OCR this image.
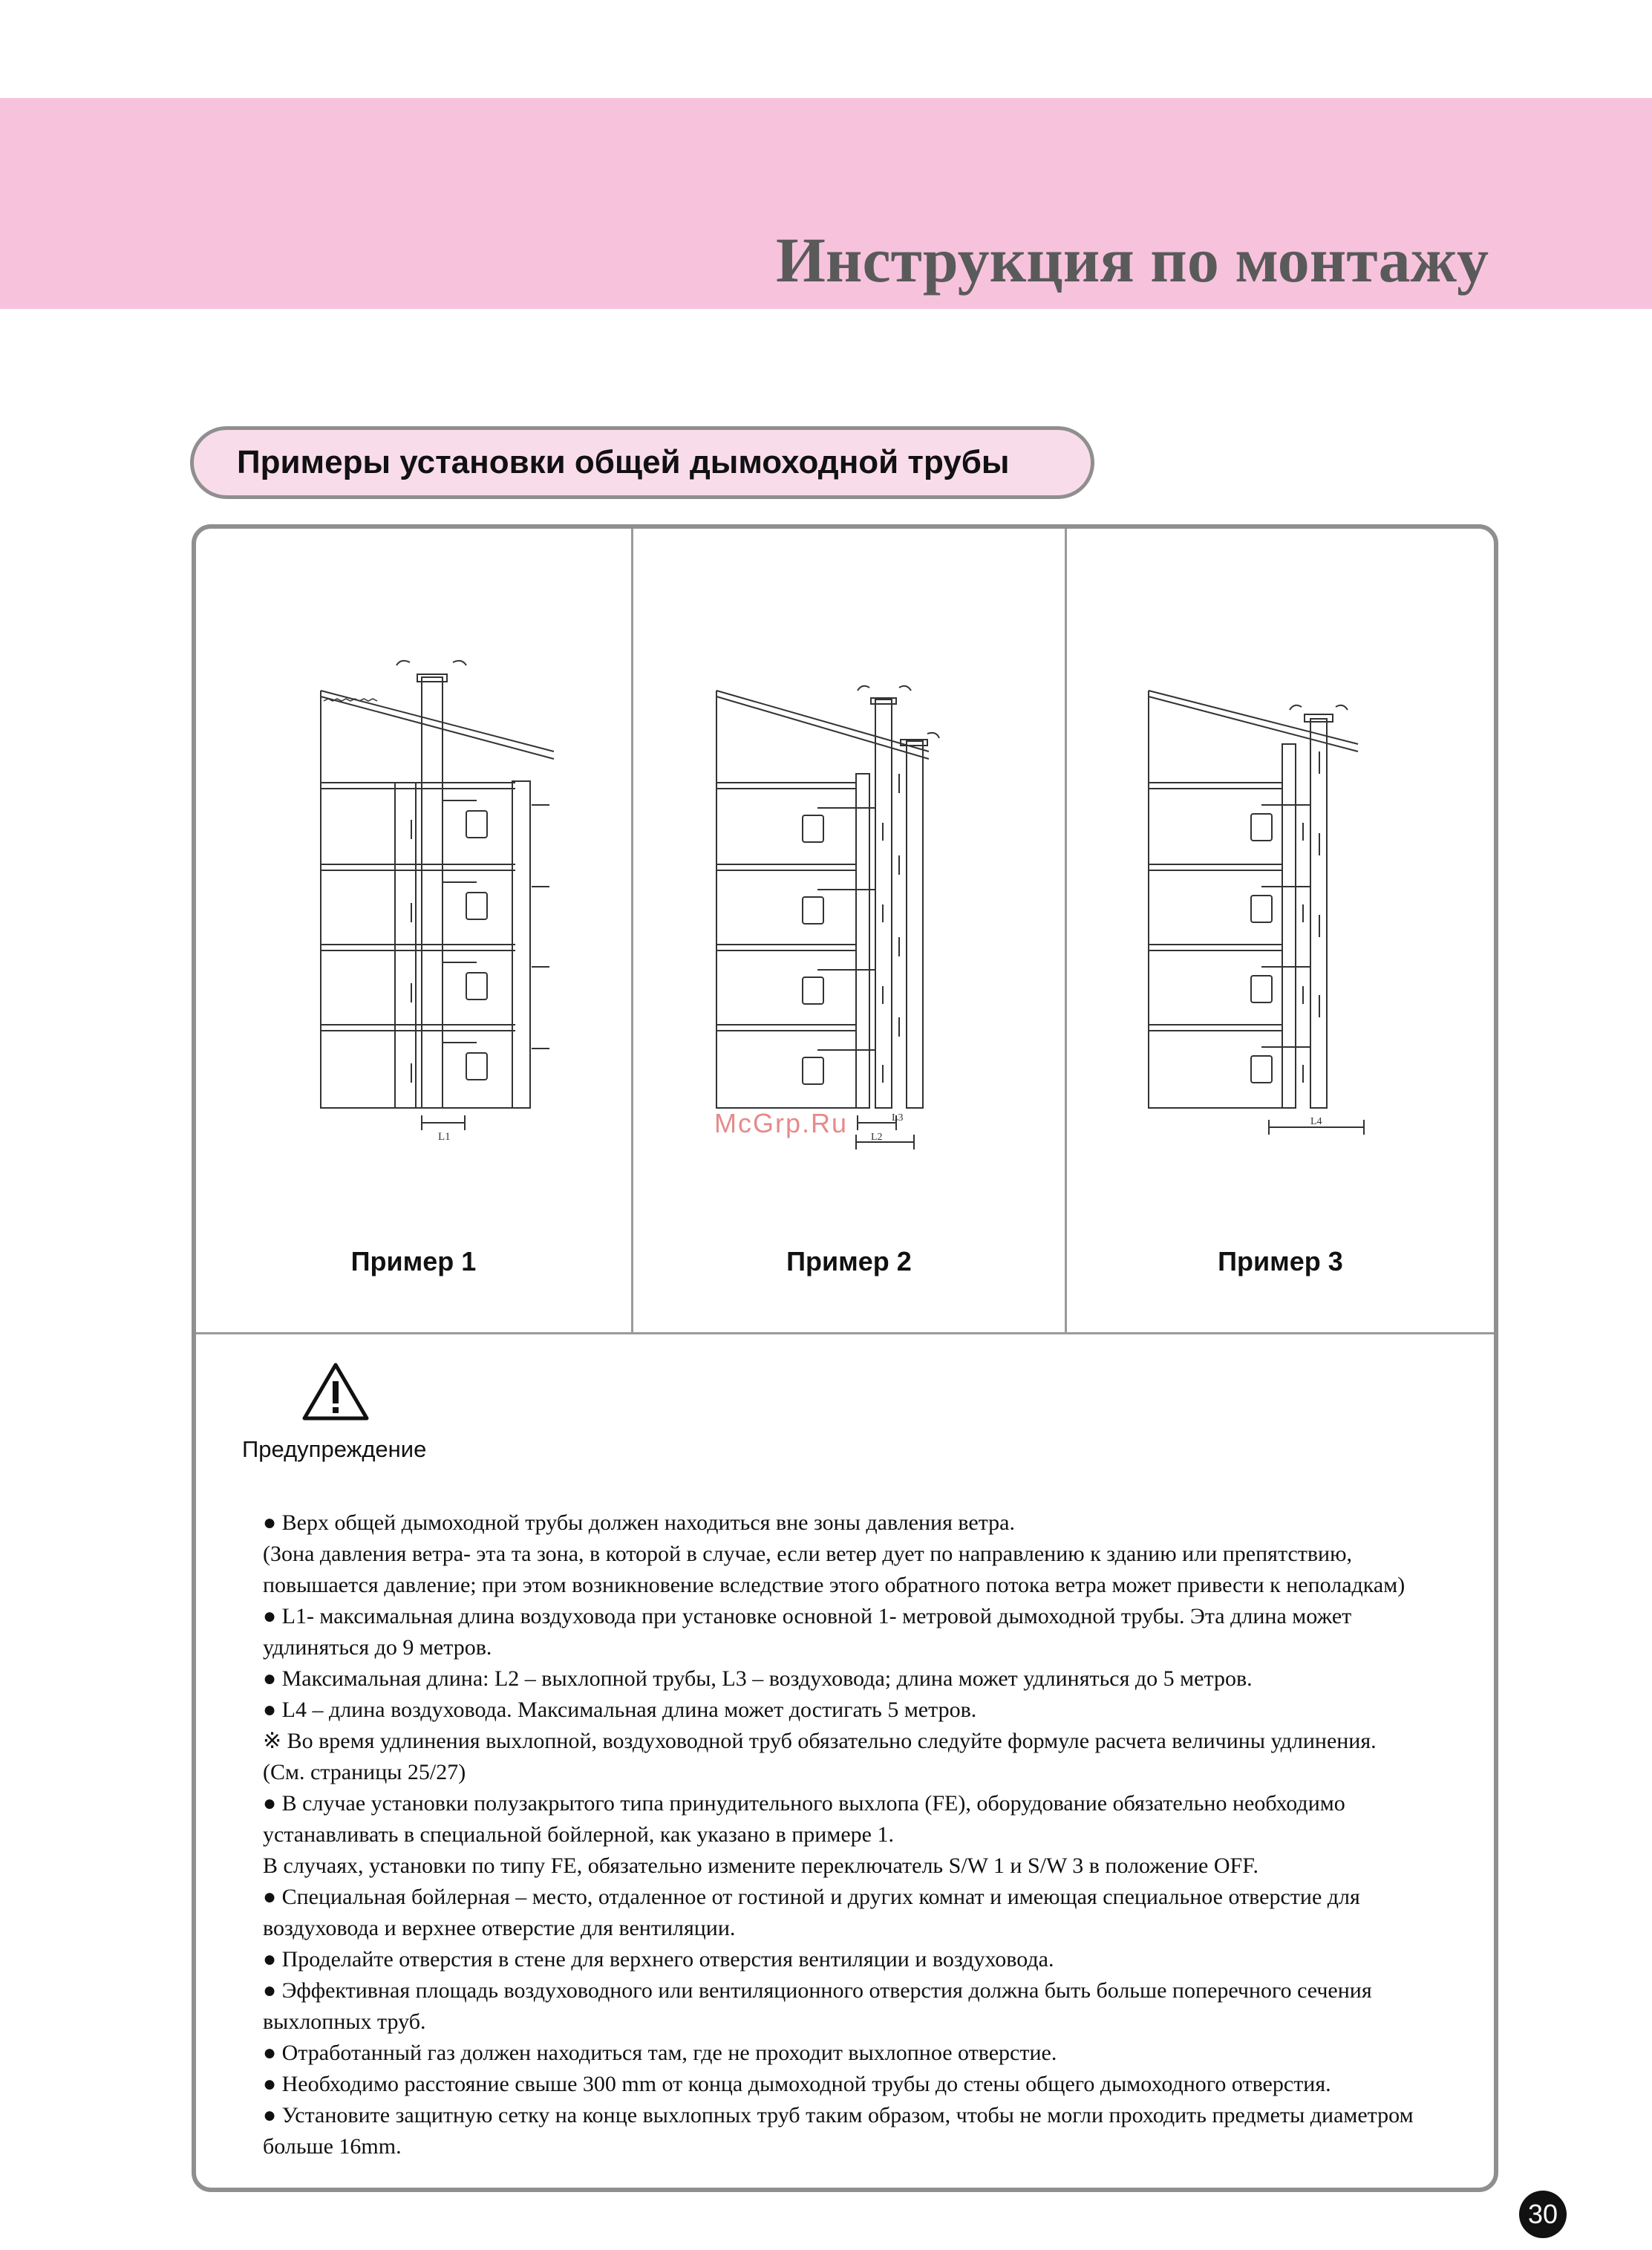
Инструкция по монтажу
Примеры установки общей дымоходной трубы
L1
Пример 1
L3
L2
Пример 2
L4
Пример 3
McGrp.Ru
Предупреждение
● Верх общей дымоходной трубы должен находиться вне зоны давления ветра.
(Зона давления ветра- эта та зона, в которой в случае, если ветер дует по направлению к зданию или препятствию,
повышается давление; при этом возникновение вследствие этого обратного потока ветра может привести к неполадкам)
● L1- максимальная длина воздуховода при установке основной 1- метровой дымоходной трубы. Эта длина может
удлиняться до 9 метров.
● Максимальная длина: L2 – выхлопной трубы, L3 – воздуховода; длина может удлиняться до 5 метров.
● L4 – длина воздуховода. Максимальная длина может достигать 5 метров.
※ Во время удлинения выхлопной, воздуховодной труб обязательно следуйте формуле расчета величины удлинения.
(См. страницы 25/27)
● В случае установки полузакрытого типа принудительного выхлопа (FE), оборудование обязательно необходимо
устанавливать в специальной бойлерной, как указано в примере 1.
В случаях, установки по типу FE, обязательно измените переключатель S/W 1 и S/W 3 в положение OFF.
● Специальная бойлерная – место, отдаленное от гостиной и других комнат и имеющая специальное отверстие для
воздуховода и верхнее отверстие для вентиляции.
● Проделайте отверстия в стене для верхнего отверстия вентиляции и воздуховода.
● Эффективная площадь воздуховодного или вентиляционного отверстия должна быть больше поперечного сечения
выхлопных труб.
● Отработанный газ должен находиться там, где не проходит выхлопное отверстие.
● Необходимо расстояние свыше 300 mm от конца дымоходной трубы до стены общего дымоходного отверстия.
● Установите защитную сетку на конце выхлопных труб таким образом, чтобы не могли проходить предметы диаметром
больше 16mm.
30
